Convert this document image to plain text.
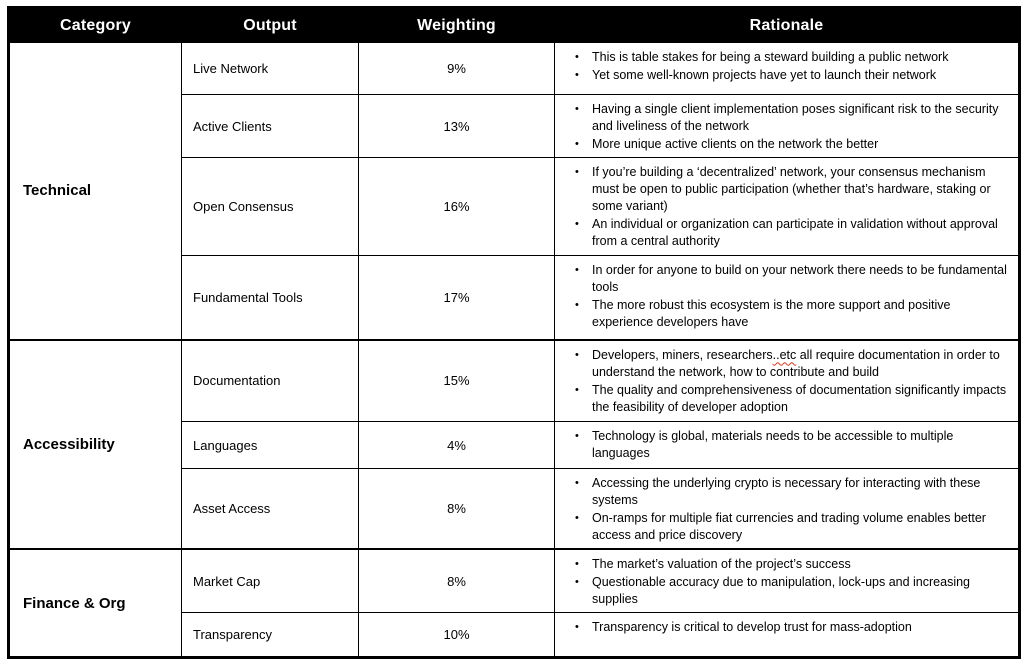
Category	Output	Weighting	Rationale
Technical	Live Network	9%	
• This is table stakes for being a steward building a public network
• Yet some well-known projects have yet to launch their network

Active Clients	13%	
• Having a single client implementation poses significant risk to the security and liveliness of the network
• More unique active clients on the network the better

Open Consensus	16%	
• If you’re building a ‘decentralized’ network, your consensus mechanism must be open to public participation (whether that’s hardware, staking or some variant)
• An individual or organization can participate in validation without approval from a central authority

Fundamental Tools	17%	
• In order for anyone to build on your network there needs to be fundamental tools
• The more robust this ecosystem is the more support and positive experience developers have

Accessibility	Documentation	15%	
• Developers, miners, researchers..etc all require documentation in order to understand the network, how to contribute and build
• The quality and comprehensiveness of documentation significantly impacts the feasibility of developer adoption

Languages	4%	
• Technology is global, materials needs to be accessible to multiple languages

Asset Access	8%	
• Accessing the underlying crypto is necessary for interacting with these systems
• On-ramps for multiple fiat currencies and trading volume enables better access and price discovery

Finance & Org	Market Cap	8%	
• The market’s valuation of the project’s success
• Questionable accuracy due to manipulation, lock-ups and increasing supplies

Transparency	10%	
•Transparency is critical to develop trust for mass-adoption
